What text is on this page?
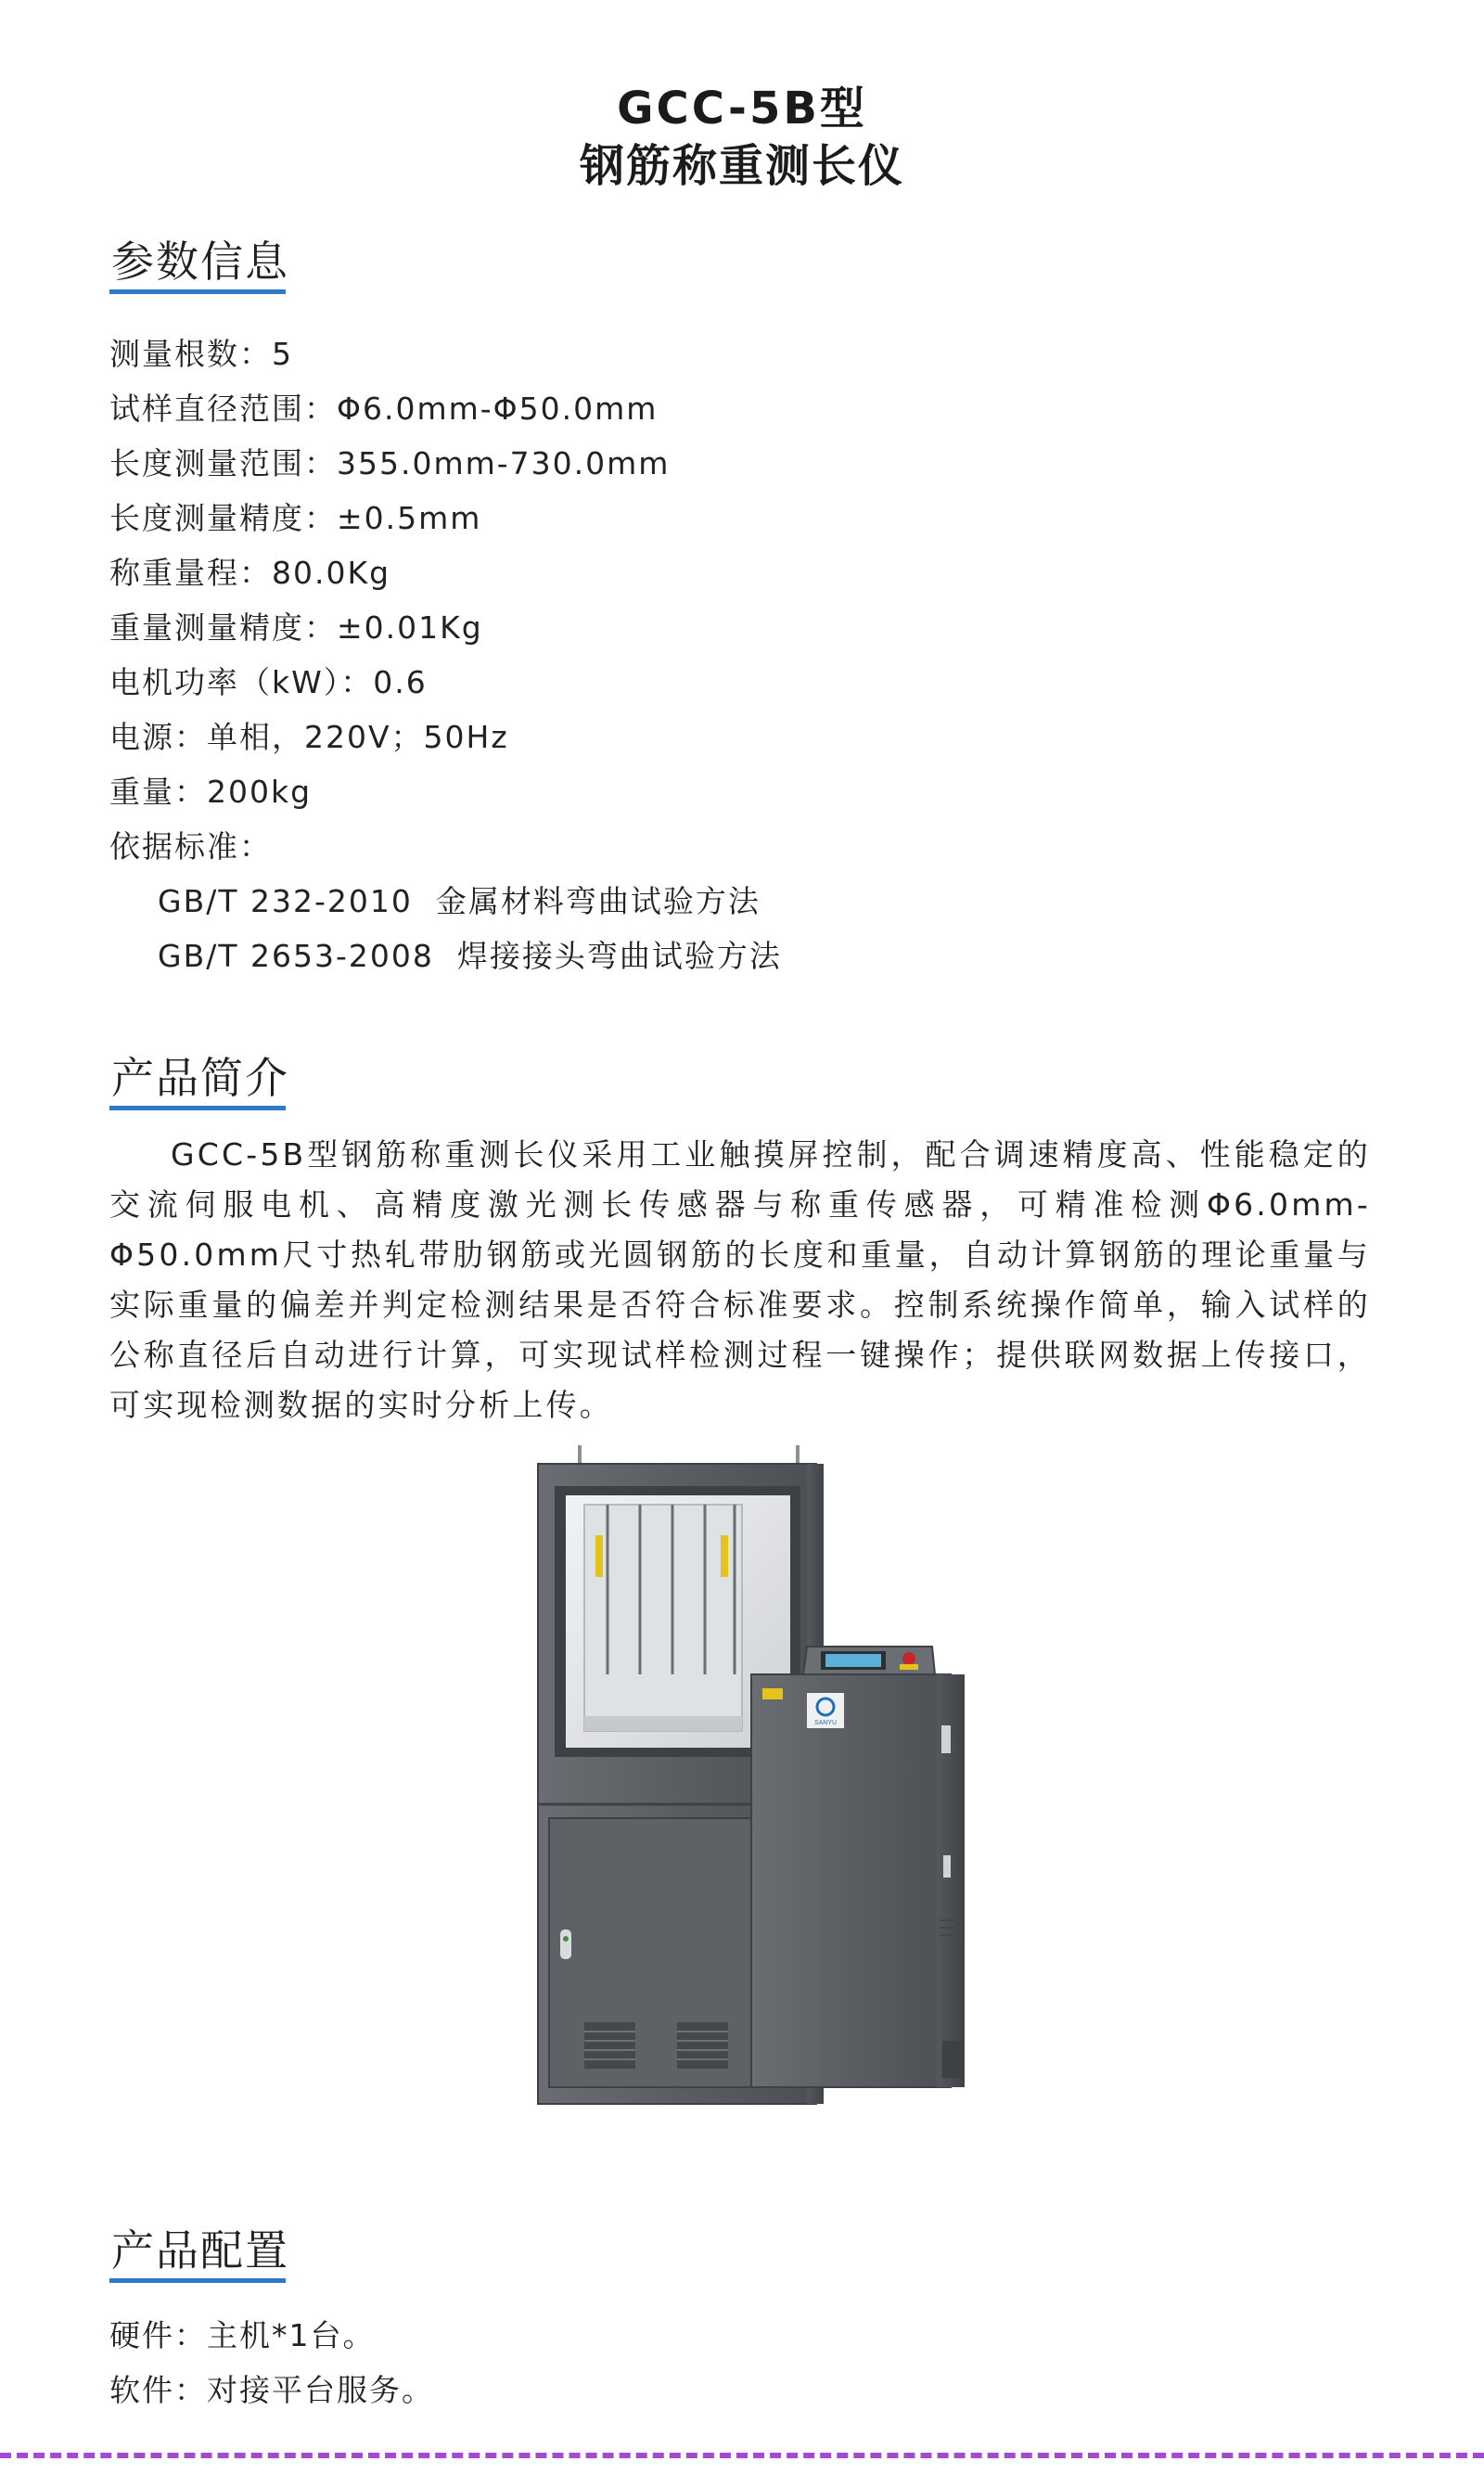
GCC-5B型
钢筋称重测长仪
参数信息
测量根数：5
试样直径范围：Φ6.0mm-Φ50.0mm
长度测量范围：355.0mm-730.0mm
长度测量精度：±0.5mm
称重量程：80.0Kg
重量测量精度：±0.01Kg
电机功率（kW）：0.6
电源：单相，220V；50Hz
重量：200kg
依据标准：
GB/T 232-2010  金属材料弯曲试验方法
GB/T 2653-2008  焊接接头弯曲试验方法
产品简介
GCC-5B型钢筋称重测长仪采用工业触摸屏控制，配合调速精度高、性能稳定的交流伺服电机、高精度激光测长传感器与称重传感器，可精准检测Φ6.0mm-Φ50.0mm尺寸热轧带肋钢筋或光圆钢筋的长度和重量，自动计算钢筋的理论重量与实际重量的偏差并判定检测结果是否符合标准要求。控制系统操作简单，输入试样的公称直径后自动进行计算，可实现试样检测过程一键操作；提供联网数据上传接口，可实现检测数据的实时分析上传。
SANYU
产品配置
硬件：主机*1台。
软件：对接平台服务。
